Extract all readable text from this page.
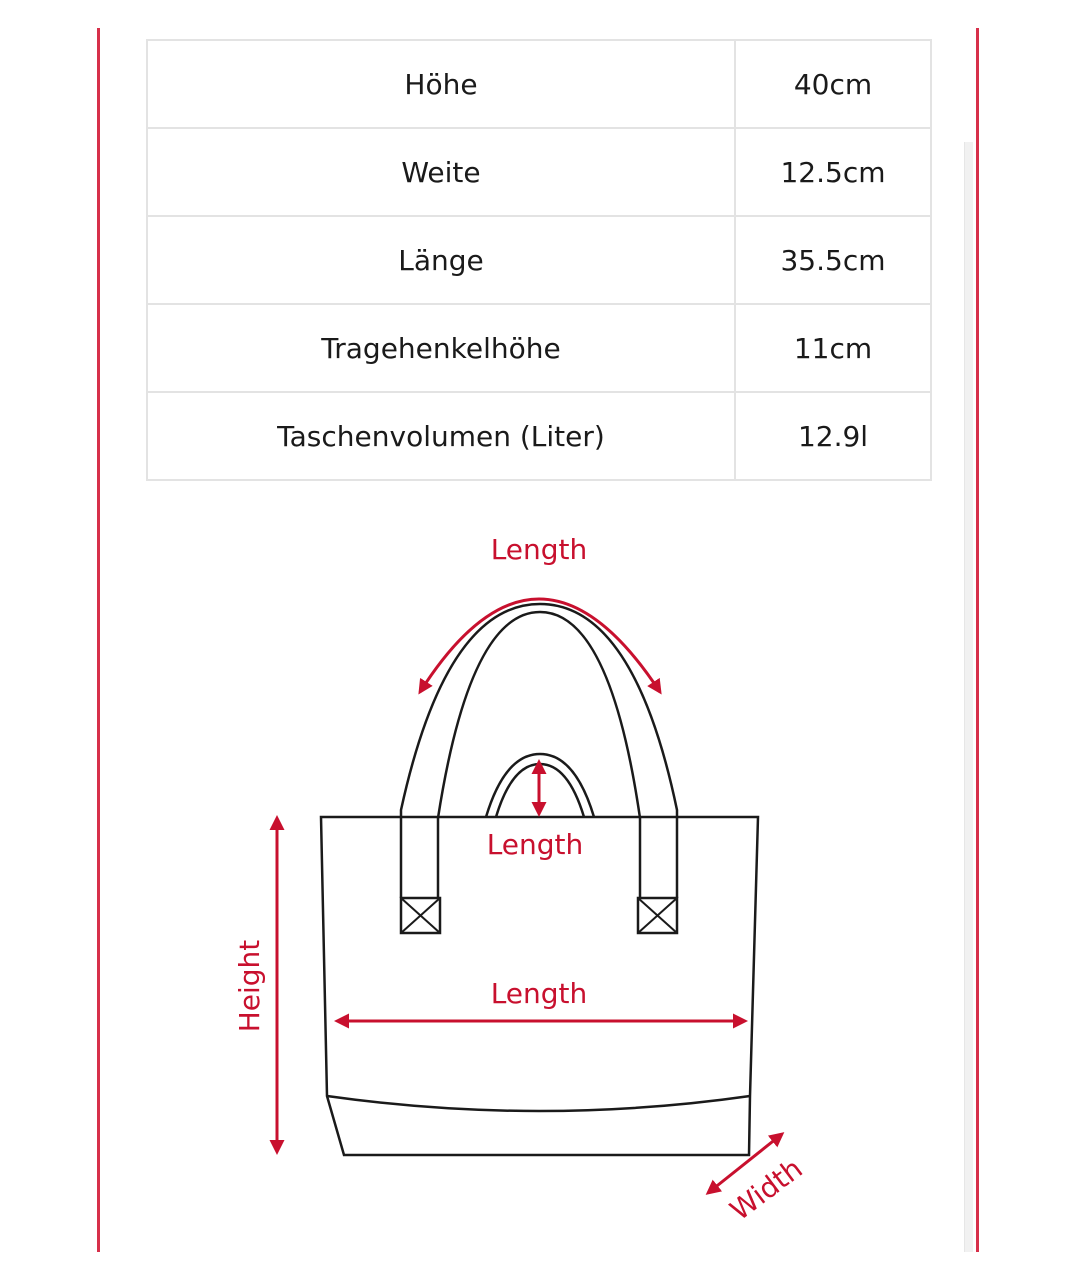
Höhe	40cm
Weite	12.5cm
Länge	35.5cm
Tragehenkelhöhe	11cm
Taschenvolumen (Liter)	12.9l
Length
Length
Length
Height
Width
